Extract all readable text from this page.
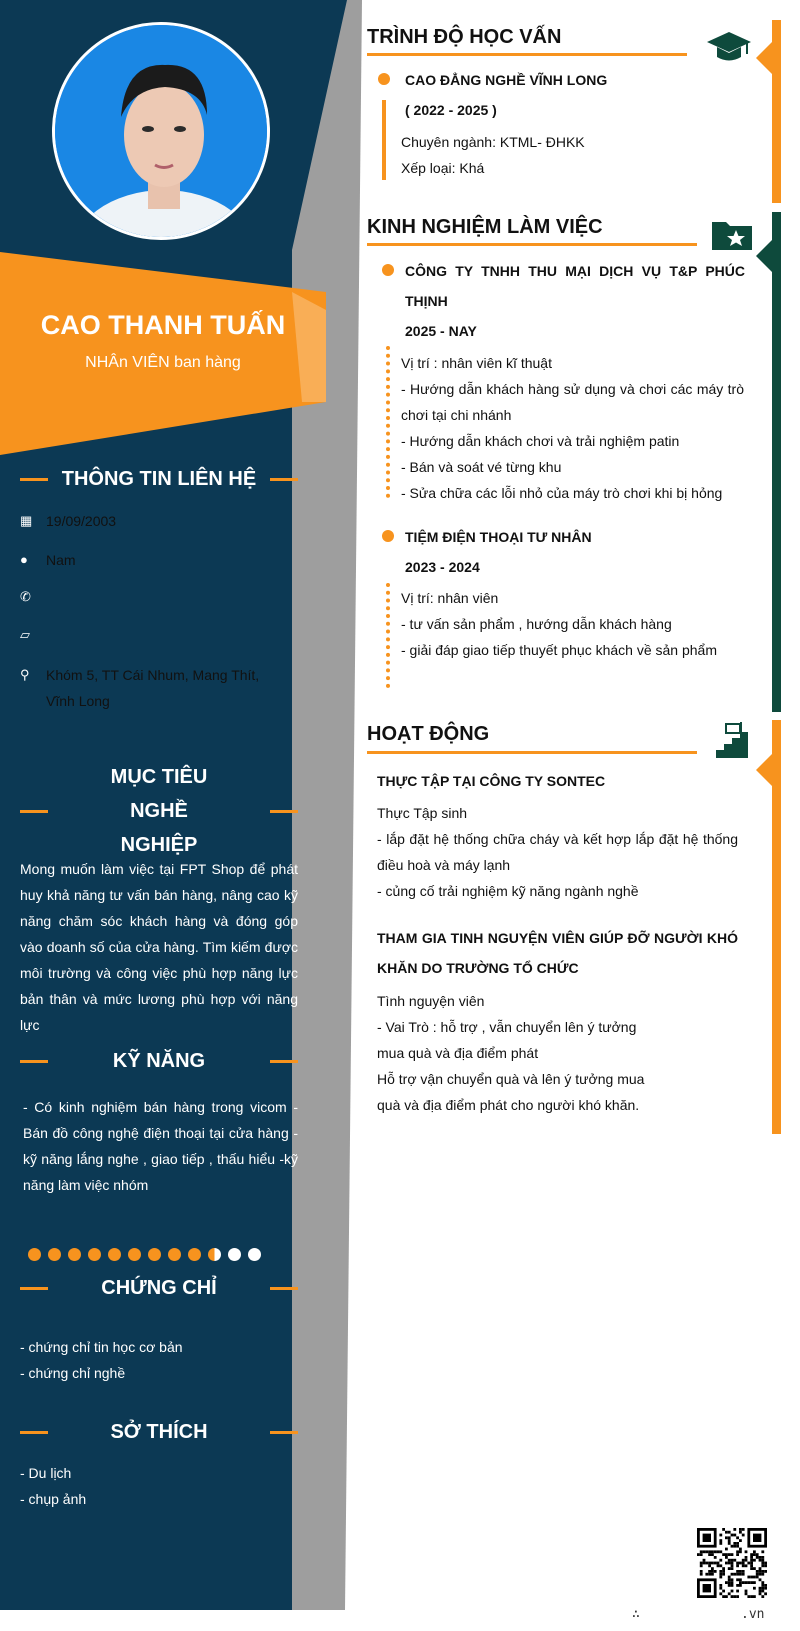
CAO THANH TUẤN
NHÂn VIÊN ban hàng
THÔNG TIN LIÊN HỆ
▦ 19/09/2003
●	Nam
✆
▱
⚲	Khóm 5, TT Cái Nhum, Mang Thít, Vĩnh Long
MỤC TIÊU NGHỀ NGHIỆP
Mong muốn làm việc tại FPT Shop để phát huy khả năng tư vấn bán hàng, nâng cao kỹ năng chăm sóc khách hàng và đóng góp vào doanh số của cửa hàng. Tìm kiếm được môi trường và công việc phù hợp năng lực bản thân và mức lương phù hợp với năng lực
KỸ NĂNG
- Có kinh nghiệm bán hàng trong vicom - Bán đồ công nghệ điện thoại tại cửa hàng - kỹ năng lắng nghe , giao tiếp , thấu hiểu -kỹ năng làm việc nhóm
CHỨNG CHỈ
- chứng chỉ tin học cơ bản
- chứng chỉ nghề
SỞ THÍCH
- Du lịch
- chụp ảnh
TRÌNH ĐỘ HỌC VẤN
CAO ĐẲNG NGHỀ VĨNH LONG
( 2022 - 2025 )
Chuyên ngành: KTML- ĐHKK
Xếp loại: Khá
KINH NGHIỆM LÀM VIỆC
CÔNG TY TNHH THU MẠI DỊCH VỤ T&P PHÚC THỊNH
2025 - NAY
Vị trí : nhân viên kĩ thuật
- Hướng dẫn khách hàng sử dụng và chơi các máy trò chơi tại chi nhánh
- Hướng dẫn khách chơi và trải nghiệm patin
- Bán và soát vé từng khu
- Sửa chữa các lỗi nhỏ của máy trò chơi khi bị hỏng
TIỆM ĐIỆN THOẠI TƯ NHÂN
2023 - 2024
Vị trí: nhân viên
- tư vấn sản phẩm , hướng dẫn khách hàng
- giải đáp giao tiếp thuyết phục khách về sản phẩm
HOẠT ĐỘNG
THỰC TẬP TẠI CÔNG TY SONTEC
Thực Tập sinh
- lắp đặt hệ thống chữa cháy và kết hợp lắp đặt hệ thống điều hoà và máy lạnh
- củng cố trải nghiệm kỹ năng ngành nghề
THAM GIA TINH NGUYỆN VIÊN GIÚP ĐỠ NGƯỜI KHÓ KHĂN DO TRƯỜNG TỔ CHỨC
Tình nguyện viên
- Vai Trò : hỗ trợ , vẫn chuyển lên ý tưởng mua quà và địa điểm phát
Hỗ trợ vận chuyển quà và lên ý tưởng mua quà và địa điểm phát cho người khó khăn.
∴	.vn
